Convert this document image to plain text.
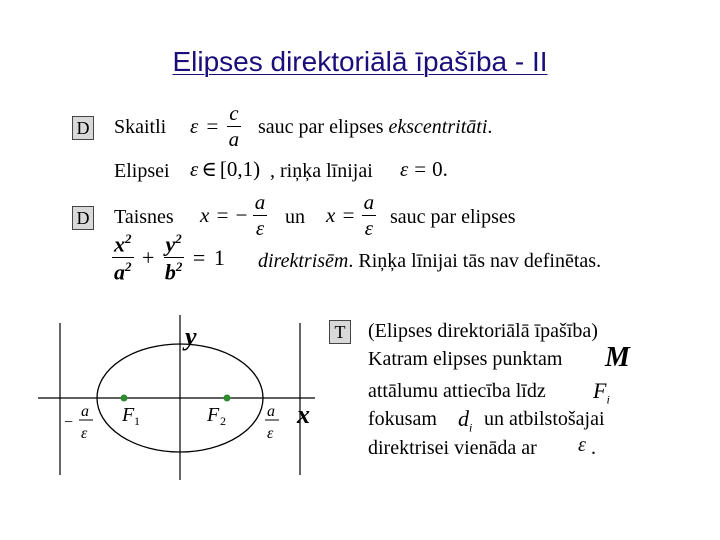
Elipses direktoriālā īpašība - II
D Skaitli $\varepsilon = \frac{c}{a}$ sauc par elipses ekscentritāti.
Elipsei ε ∈ [0,1) , riņķa līnijai ε = 0.
D Taisnes x = − $\frac{a}{\varepsilon}$ un $x = \frac{a}{\varepsilon}$ sauc par elipses
$\frac{x^2}{a^2} + \frac{y^2}{b^2} = 1$ direktrisēm. Riņķa līnijai tās nav definētas.
y
x
F 1	F 2
−
a
ε
a
ε
T (Elipses direktoriālā īpašība)
Katram elipses punktam M
attālumu attiecība līdz $F_i$
fokusam $d_i$ un atbilstošajai
direktrisei vienāda ar ε .
